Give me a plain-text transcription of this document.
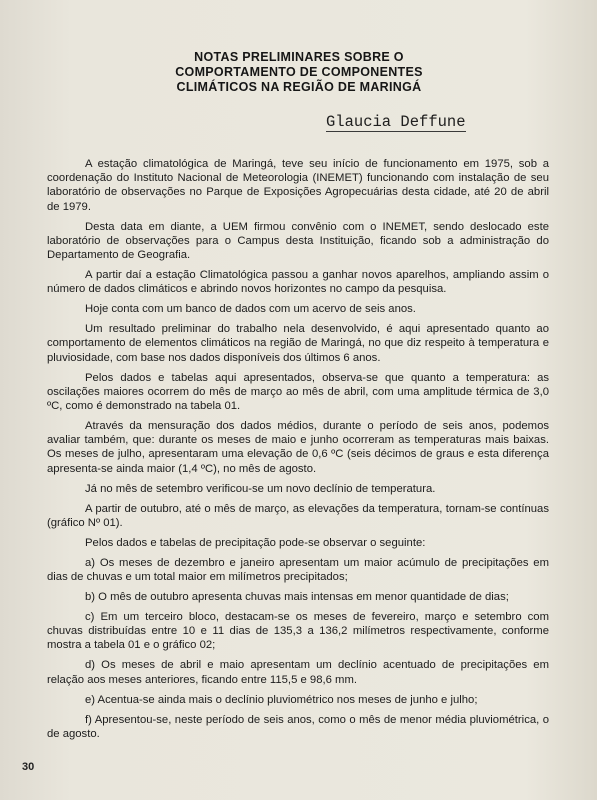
NOTAS PRELIMINARES SOBRE O
COMPORTAMENTO DE COMPONENTES
CLIMÁTICOS NA REGIÃO DE MARINGÁ
Glaucia Deffune

A estação climatológica de Maringá, teve seu início de funcionamento em 1975, sob a coordenação do Instituto Nacional de Meteorologia (INEMET) funcionando com instalação de seu laboratório de observações no Parque de Exposições Agropecuárias desta cidade, até 20 de abril de 1979.

Desta data em diante, a UEM firmou convênio com o INEMET, sendo deslocado este laboratório de observações para o Campus desta Instituição, ficando sob a administração do Departamento de Geografia.

A partir daí a estação Climatológica passou a ganhar novos aparelhos, ampliando assim o número de dados climáticos e abrindo novos horizontes no campo da pesquisa.

Hoje conta com um banco de dados com um acervo de seis anos.

Um resultado preliminar do trabalho nela desenvolvido, é aqui apresentado quanto ao comportamento de elementos climáticos na região de Maringá, no que diz respeito à temperatura e pluviosidade, com base nos dados disponíveis dos últimos 6 anos.

Pelos dados e tabelas aqui apresentados, observa-se que quanto a temperatura: as oscilações maiores ocorrem do mês de março ao mês de abril, com uma amplitude térmica de 3,0 ºC, como é demonstrado na tabela 01.

Através da mensuração dos dados médios, durante o período de seis anos, podemos avaliar também, que: durante os meses de maio e junho ocorreram as temperaturas mais baixas. Os meses de julho, apresentaram uma elevação de 0,6 ºC (seis décimos de graus e esta diferença apresenta-se ainda maior (1,4 ºC), no mês de agosto.

Já no mês de setembro verificou-se um novo declínio de temperatura.

A partir de outubro, até o mês de março, as elevações da temperatura, tornam-se contínuas (gráfico Nº 01).

Pelos dados e tabelas de precipitação pode-se observar o seguinte:

a) Os meses de dezembro e janeiro apresentam um maior acúmulo de precipitações em dias de chuvas e um total maior em milímetros precipitados;

b) O mês de outubro apresenta chuvas mais intensas em menor quantidade de dias;

c) Em um terceiro bloco, destacam-se os meses de fevereiro, março e setembro com chuvas distribuídas entre 10 e 11 dias de 135,3 a 136,2 milímetros respectivamente, conforme mostra a tabela 01 e o gráfico 02;

d) Os meses de abril e maio apresentam um declínio acentuado de precipitações em relação aos meses anteriores, ficando entre 115,5 e 98,6 mm.

e) Acentua-se ainda mais o declínio pluviométrico nos meses de junho e julho;

f) Apresentou-se, neste período de seis anos, como o mês de menor média pluviométrica, o de agosto.

30
